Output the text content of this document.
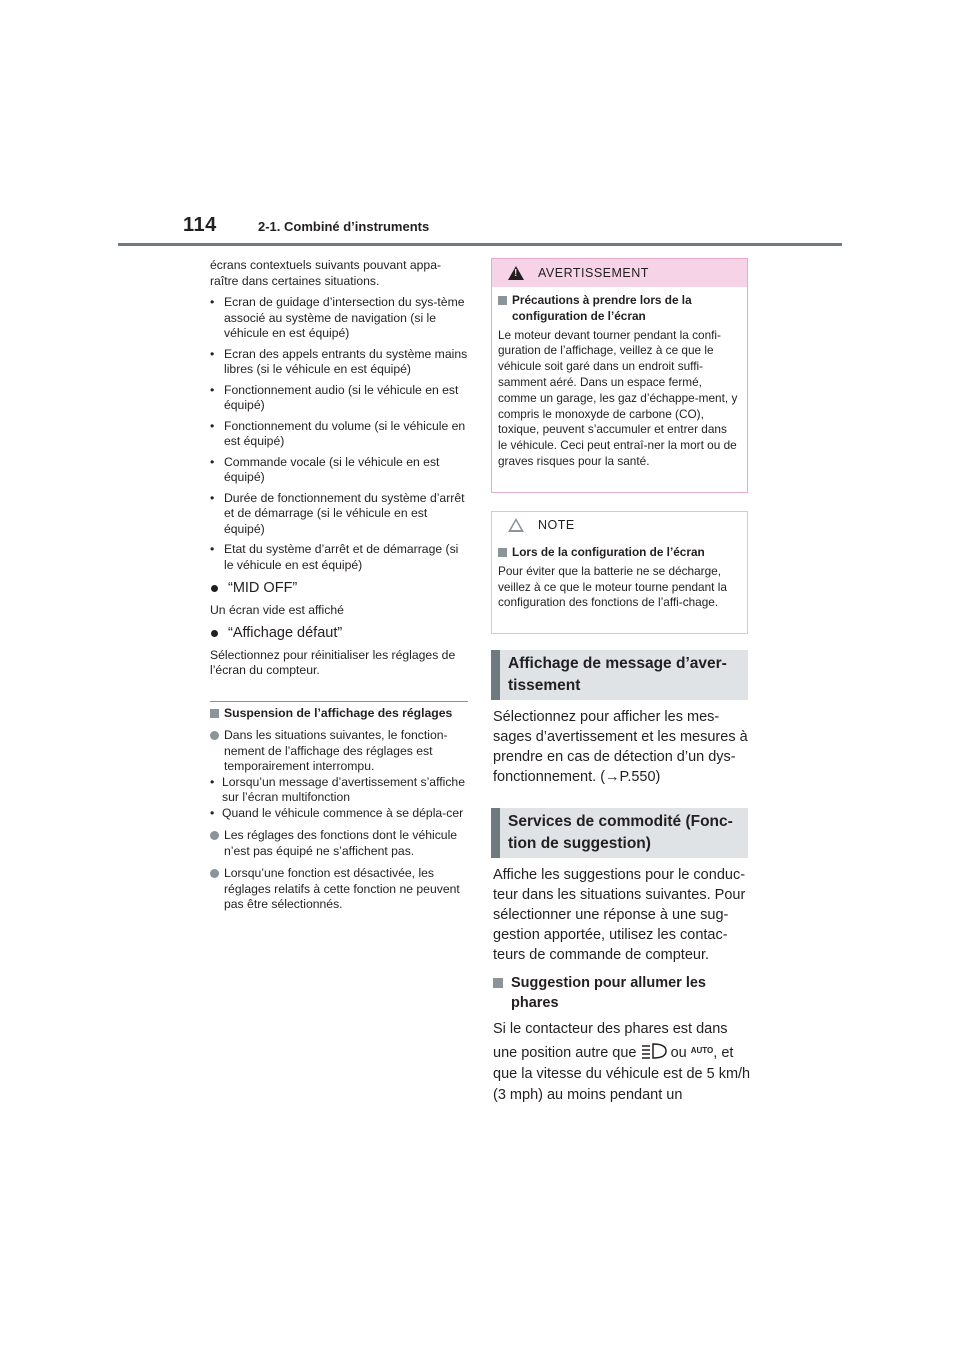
114	2-1. Combiné d’instruments

écrans contextuels suivants pouvant appa-raître dans certaines situations.

• Ecran de guidage d’intersection du sys-tème associé au système de navigation (si le véhicule en est équipé)
• Ecran des appels entrants du système mains libres (si le véhicule en est équipé)
• Fonctionnement audio (si le véhicule en est équipé)
• Fonctionnement du volume (si le véhicule en est équipé)
• Commande vocale (si le véhicule en est équipé)
• Durée de fonctionnement du système d’arrêt et de démarrage (si le véhicule en est équipé)
• Etat du système d’arrêt et de démarrage (si le véhicule en est équipé)
“MID OFF”

Un écran vide est affiché

“Affichage défaut”

Sélectionnez pour réinitialiser les réglages de l’écran du compteur.

Suspension de l’affichage des réglages
Dans les situations suivantes, le fonction-nement de l’affichage des réglages est temporairement interrompu.
• Lorsqu’un message d’avertissement s’affiche sur l’écran multifonction
• Quand le véhicule commence à se dépla-cer
Les réglages des fonctions dont le véhicule n’est pas équipé ne s’affichent pas.
Lorsqu’une fonction est désactivée, les réglages relatifs à cette fonction ne peuvent pas être sélectionnés.
!
AVERTISSEMENT
Précautions à prendre lors de la configuration de l’écran
Le moteur devant tourner pendant la confi-guration de l’affichage, veillez à ce que le véhicule soit garé dans un endroit suffi-samment aéré. Dans un espace fermé, comme un garage, les gaz d’échappe-ment, y compris le monoxyde de carbone (CO), toxique, peuvent s’accumuler et entrer dans le véhicule. Ceci peut entraî-ner la mort ou de graves risques pour la santé.
NOTE
Lors de la configuration de l’écran
Pour éviter que la batterie ne se décharge, veillez à ce que le moteur tourne pendant la configuration des fonctions de l’affi-chage.
Affichage de message d’aver-tissement

Sélectionnez pour afficher les mes-sages d’avertissement et les mesures à prendre en cas de détection d’un dys-fonctionnement. (→P.550)

Services de commodité (Fonc-tion de suggestion)

Affiche les suggestions pour le conduc-teur dans les situations suivantes. Pour sélectionner une réponse à une sug-gestion apportée, utilisez les contac-teurs de commande de compteur.

Suggestion pour allumer les phares

Si le contacteur des phares est dans une position autre que ou $^{AUTO}$, et que la vitesse du véhicule est de 5 km/h (3 mph) au moins pendant un
